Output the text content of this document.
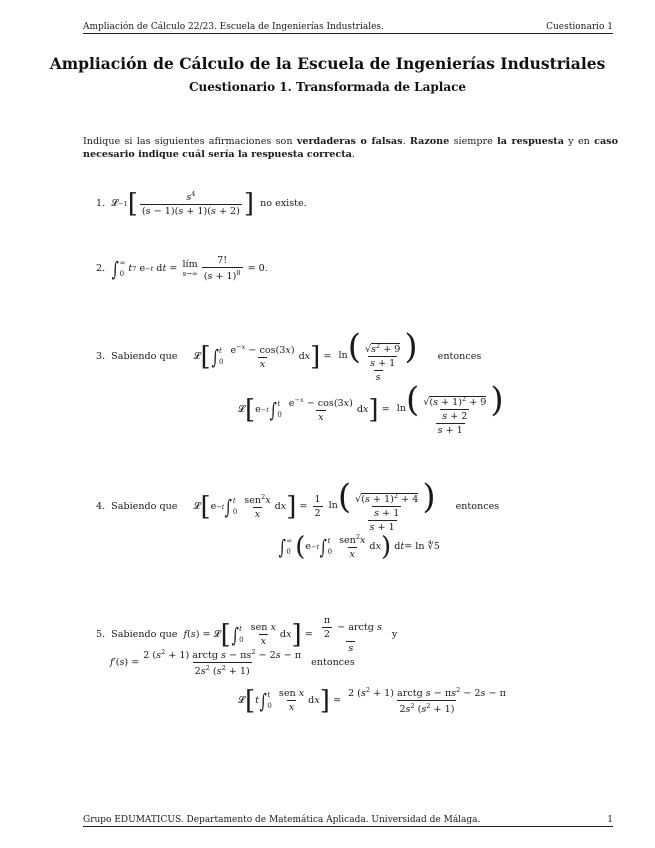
Ampliación de Cálculo 22/23. Escuela de Ingenierías Industriales.	Cuestionario 1
Ampliación de Cálculo de la Escuela de Ingenierías Industriales
Cuestionario 1. Transformada de Laplace
Indique si las siguientes afirmaciones son verdaderas o falsas. Razone siempre la respuesta y en caso necesario indique cuál sería la respuesta correcta.
1. 𝓛 −1 [	$s^4$
(s − 1)(s + 1)(s + 2) ] no existe.
2. ∫ ∞
0 t 7 e −t d t = lím
s→∞
7!
$(s + 1)^8 = 0$.
3. Sabiendo que 𝓛 [ ∫ t
0
$e^{-x} - \cos(3x)$
x
d x ] = $\ln( \frac{√s^2 + 9}{s + 1}$ )
s
entonces
𝓛 [ e −t ∫ t
0
$e^{-x} - \cos(3x)$
x
d x ] = $\ln( \frac{√(s + 1)^2 + 9}{s + 2}$ )
s + 1
4. Sabiendo que 𝓛 [ e −t ∫ t
0
sen$^2$x
x
d x ] =
1
2
$\ln( \frac{√(s + 1)^2 + 4}{s + 1}$ )
s + 1
entonces
∫ ∞
0 ( e −t ∫ t
0
sen$^2$x
x
d x ) d t = ln ∜5
5. Sabiendo que f ( s ) = 𝓛 [ ∫ t
0
sen x
x
d x ] = $\frac{\pi}{2}$ − arctg s
s
y
f ′( s ) =
2 $(s^2 + 1)$ arctg $s - \pi s^2 - 2s - \pi$
$2s^2$ $(s^2 + 1)$
entonces
𝓛 [ t ∫ t
0
sen x
x
d x ] =
2 $(s^2 + 1)$ arctg $s - \pi s^2 - 2s - \pi$
$2s^2$ $(s^2 + 1)$
Grupo EDUMATICUS. Departamento de Matemática Aplicada. Universidad de Málaga.	1
